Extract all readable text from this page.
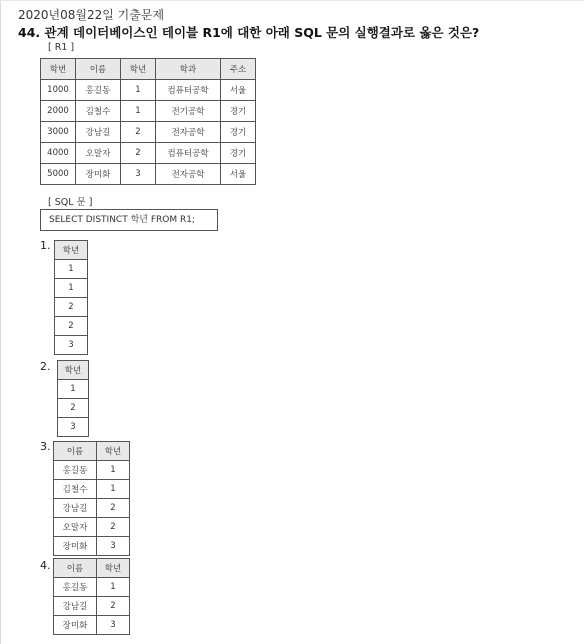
2020년08월22일 기출문제
44. 관계 데이터베이스인 테이블 R1에 대한 아래 SQL 문의 실행결과로 옳은 것은?
[ R1 ]
학번	이름	학년	학과	주소
1000	홍길동	1	컴퓨터공학	서울
2000	김철수	1	전기공학	경기
3000	강남길	2	전자공학	경기
4000	오말자	2	컴퓨터공학	경기
5000	장미화	3	전자공학	서울
[ SQL 문 ]
SELECT DISTINCT 학년 FROM R1;
1. 학년
1
1
2
2
3
2. 학년
1
2
3
3. 이름	학년
홍길동	1
김철수	1
강남길	2
오말자	2
장미화	3
4. 이름	학년
홍길동	1
강남길	2
장미화	3
